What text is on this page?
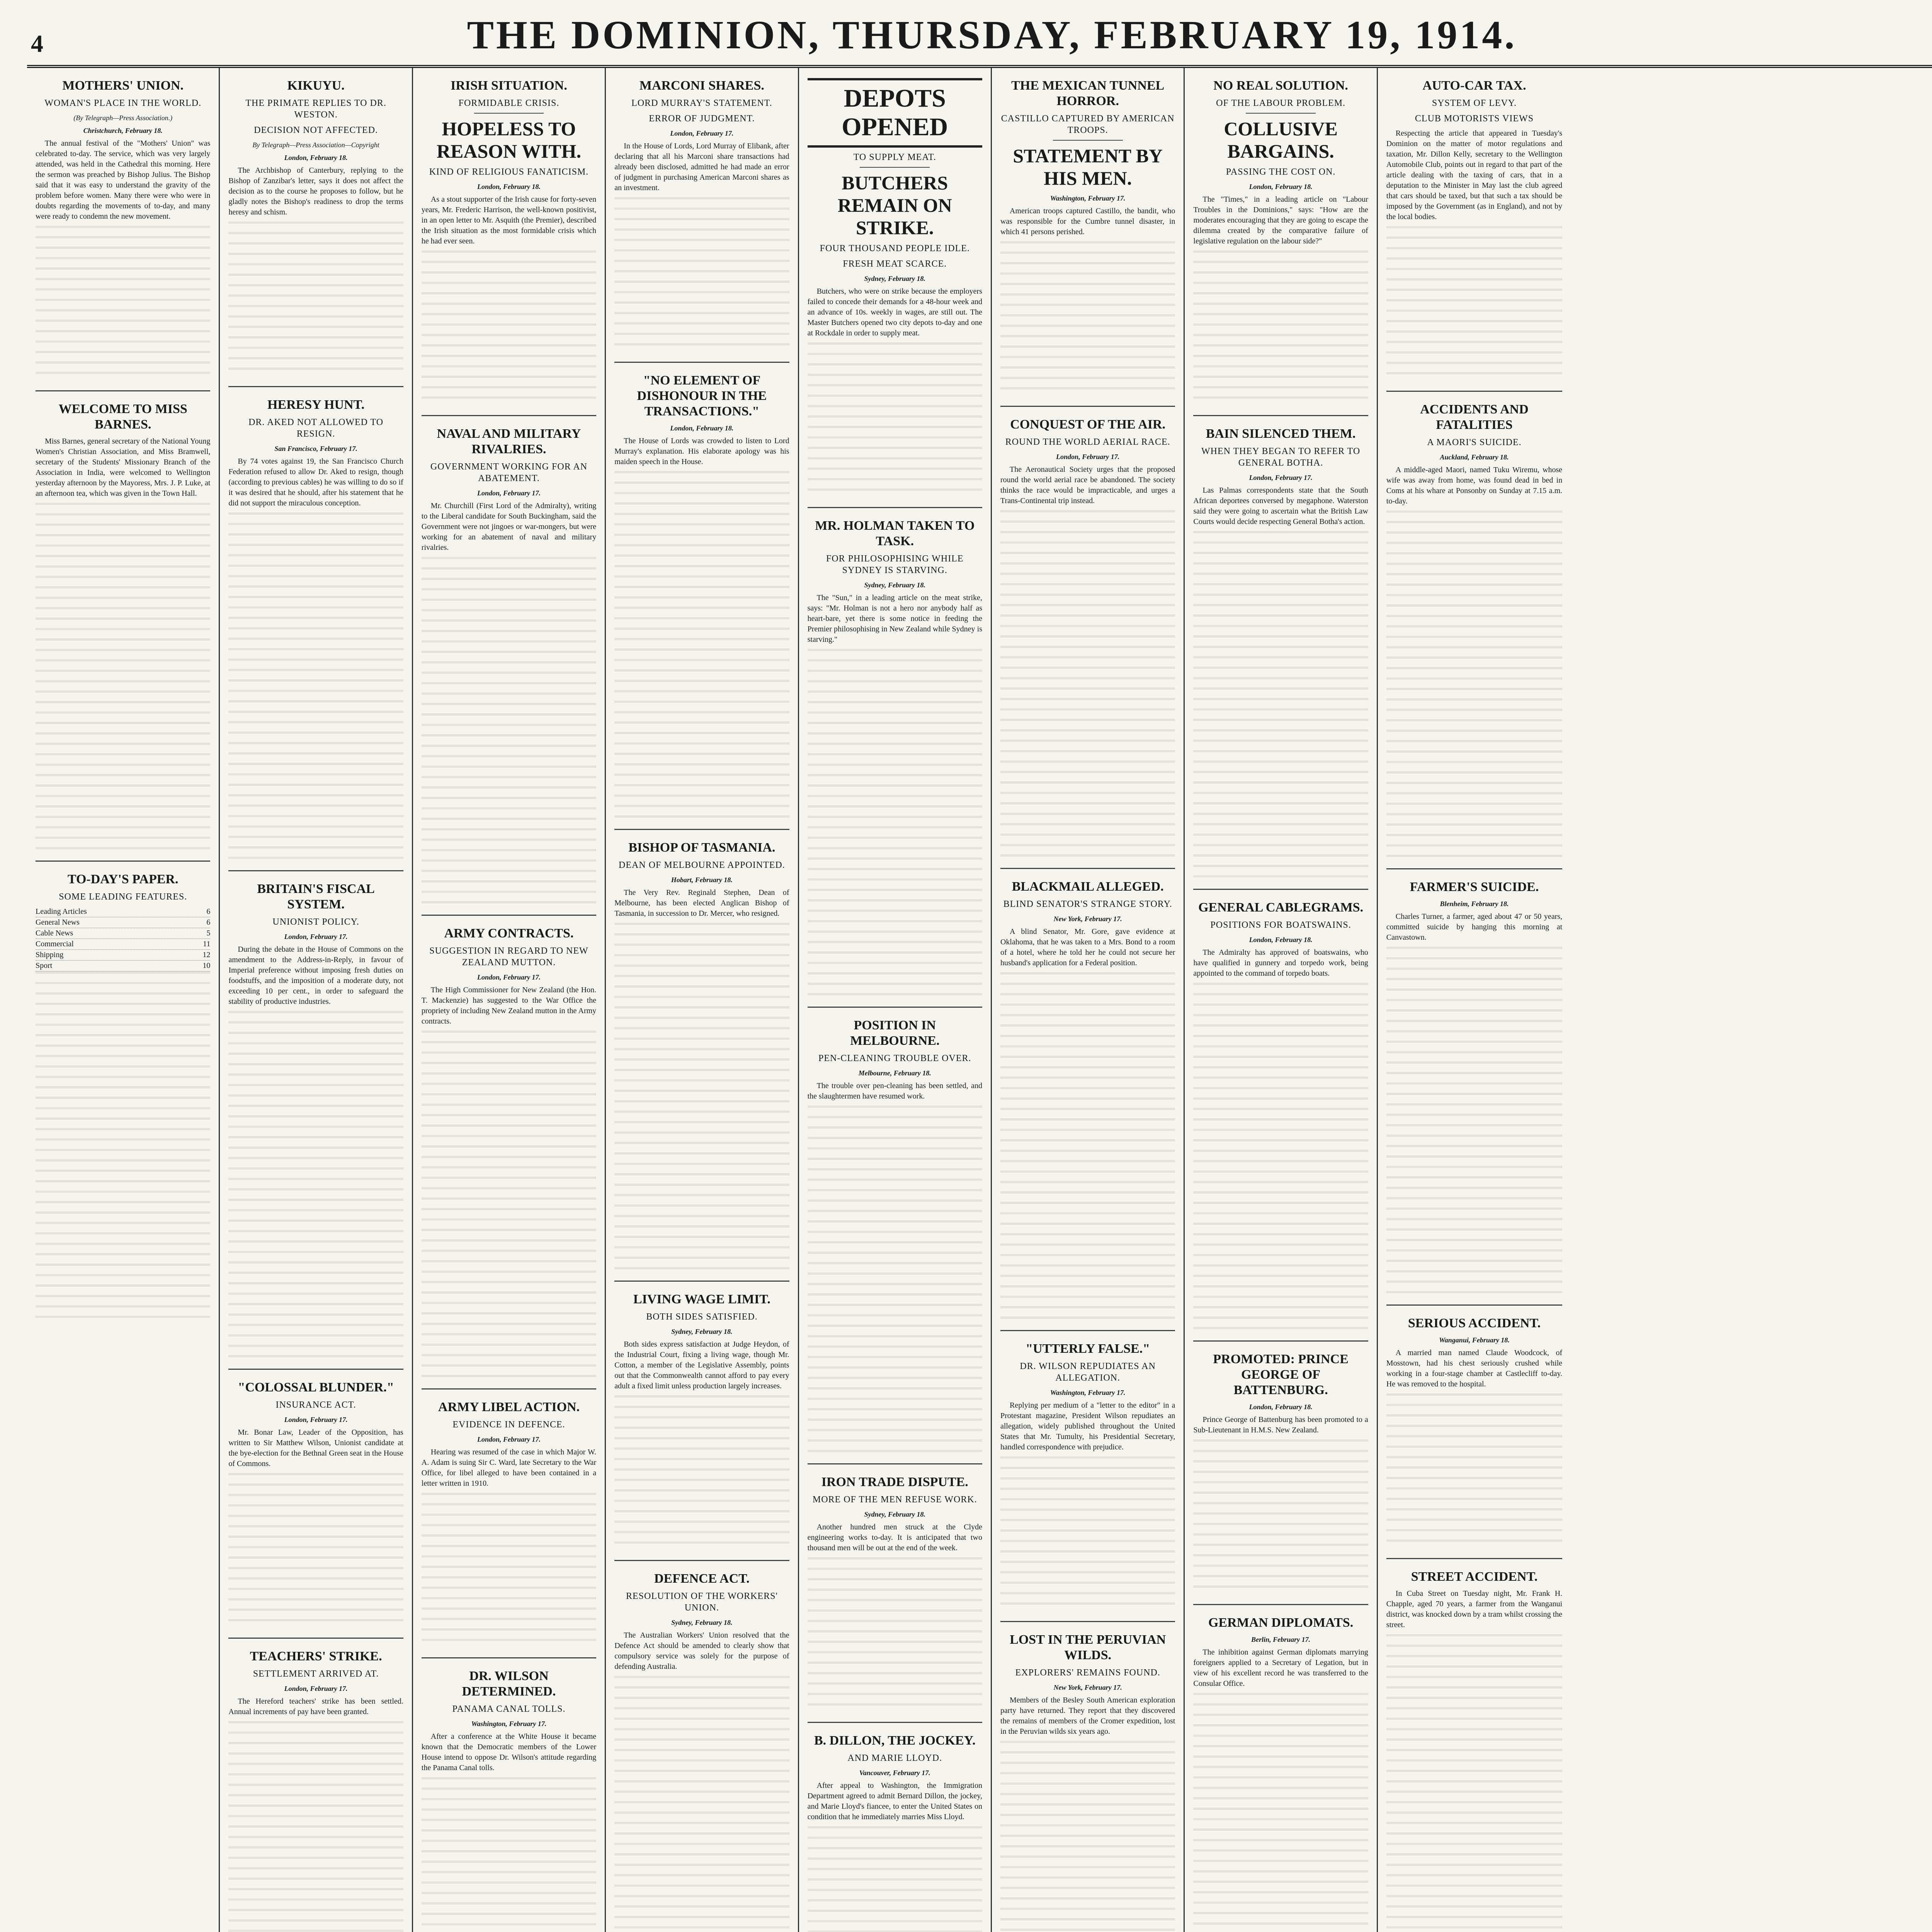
4	THE DOMINION, THURSDAY, FEBRUARY 19, 1914.
MOTHERS' UNION.
WOMAN'S PLACE IN THE WORLD.
(By Telegraph—Press Association.)
Christchurch, February 18.

The annual festival of the "Mothers' Union" was celebrated to-day. The service, which was very largely attended, was held in the Cathedral this morning. Here the sermon was preached by Bishop Julius. The Bishop said that it was easy to understand the gravity of the problem before women. Many there were who were in doubts regarding the movements of to-day, and many were ready to condemn the new movement.

WELCOME TO MISS BARNES.

Miss Barnes, general secretary of the National Young Women's Christian Association, and Miss Bramwell, secretary of the Students' Missionary Branch of the Association in India, were welcomed to Wellington yesterday afternoon by the Mayoress, Mrs. J. P. Luke, at an afternoon tea, which was given in the Town Hall.

TO-DAY'S PAPER.
SOME LEADING FEATURES.
Leading Articles	6
General News	6
Cable News	5
Commercial	11
Shipping	12
Sport	10
KIKUYU.
THE PRIMATE REPLIES TO DR. WESTON.
DECISION NOT AFFECTED.
By Telegraph—Press Association—Copyright
London, February 18.

The Archbishop of Canterbury, replying to the Bishop of Zanzibar's letter, says it does not affect the decision as to the course he proposes to follow, but he gladly notes the Bishop's readiness to drop the terms heresy and schism.

HERESY HUNT.
DR. AKED NOT ALLOWED TO RESIGN.
San Francisco, February 17.

By 74 votes against 19, the San Francisco Church Federation refused to allow Dr. Aked to resign, though (according to previous cables) he was willing to do so if it was desired that he should, after his statement that he did not support the miraculous conception.

BRITAIN'S FISCAL SYSTEM.
UNIONIST POLICY.
London, February 17.

During the debate in the House of Commons on the amendment to the Address-in-Reply, in favour of Imperial preference without imposing fresh duties on foodstuffs, and the imposition of a moderate duty, not exceeding 10 per cent., in order to safeguard the stability of productive industries.

"COLOSSAL BLUNDER."
INSURANCE ACT.
London, February 17.

Mr. Bonar Law, Leader of the Opposition, has written to Sir Matthew Wilson, Unionist candidate at the bye-election for the Bethnal Green seat in the House of Commons.

TEACHERS' STRIKE.
SETTLEMENT ARRIVED AT.
London, February 17.

The Hereford teachers' strike has been settled. Annual increments of pay have been granted.

IRISH SITUATION.
FORMIDABLE CRISIS.
HOPELESS TO REASON WITH.
KIND OF RELIGIOUS FANATICISM.
London, February 18.

As a stout supporter of the Irish cause for forty-seven years, Mr. Frederic Harrison, the well-known positivist, in an open letter to Mr. Asquith (the Premier), described the Irish situation as the most formidable crisis which he had ever seen.

NAVAL AND MILITARY RIVALRIES.
GOVERNMENT WORKING FOR AN ABATEMENT.
London, February 17.

Mr. Churchill (First Lord of the Admiralty), writing to the Liberal candidate for South Buckingham, said the Government were not jingoes or war-mongers, but were working for an abatement of naval and military rivalries.

ARMY CONTRACTS.
SUGGESTION IN REGARD TO NEW ZEALAND MUTTON.
London, February 17.

The High Commissioner for New Zealand (the Hon. T. Mackenzie) has suggested to the War Office the propriety of including New Zealand mutton in the Army contracts.

ARMY LIBEL ACTION.
EVIDENCE IN DEFENCE.
London, February 17.

Hearing was resumed of the case in which Major W. A. Adam is suing Sir C. Ward, late Secretary to the War Office, for libel alleged to have been contained in a letter written in 1910.

DR. WILSON DETERMINED.
PANAMA CANAL TOLLS.
Washington, February 17.

After a conference at the White House it became known that the Democratic members of the Lower House intend to oppose Dr. Wilson's attitude regarding the Panama Canal tolls.

MARCONI SHARES.
LORD MURRAY'S STATEMENT.
ERROR OF JUDGMENT.
London, February 17.

In the House of Lords, Lord Murray of Elibank, after declaring that all his Marconi share transactions had already been disclosed, admitted he had made an error of judgment in purchasing American Marconi shares as an investment.

"NO ELEMENT OF DISHONOUR IN THE TRANSACTIONS."
London, February 18.

The House of Lords was crowded to listen to Lord Murray's explanation. His elaborate apology was his maiden speech in the House.

BISHOP OF TASMANIA.
DEAN OF MELBOURNE APPOINTED.
Hobart, February 18.

The Very Rev. Reginald Stephen, Dean of Melbourne, has been elected Anglican Bishop of Tasmania, in succession to Dr. Mercer, who resigned.

LIVING WAGE LIMIT.
BOTH SIDES SATISFIED.
Sydney, February 18.

Both sides express satisfaction at Judge Heydon, of the Industrial Court, fixing a living wage, though Mr. Cotton, a member of the Legislative Assembly, points out that the Commonwealth cannot afford to pay every adult a fixed limit unless production largely increases.

DEFENCE ACT.
RESOLUTION OF THE WORKERS' UNION.
Sydney, February 18.

The Australian Workers' Union resolved that the Defence Act should be amended to clearly show that compulsory service was solely for the purpose of defending Australia.

DEPOTS OPENED
TO SUPPLY MEAT.
BUTCHERS REMAIN ON STRIKE.
FOUR THOUSAND PEOPLE IDLE.
FRESH MEAT SCARCE.
Sydney, February 18.

Butchers, who were on strike because the employers failed to concede their demands for a 48-hour week and an advance of 10s. weekly in wages, are still out. The Master Butchers opened two city depots to-day and one at Rockdale in order to supply meat.

MR. HOLMAN TAKEN TO TASK.
FOR PHILOSOPHISING WHILE SYDNEY IS STARVING.
Sydney, February 18.

The "Sun," in a leading article on the meat strike, says: "Mr. Holman is not a hero nor anybody half as heart-bare, yet there is some notice in feeding the Premier philosophising in New Zealand while Sydney is starving."

POSITION IN MELBOURNE.
PEN-CLEANING TROUBLE OVER.
Melbourne, February 18.

The trouble over pen-cleaning has been settled, and the slaughtermen have resumed work.

IRON TRADE DISPUTE.
MORE OF THE MEN REFUSE WORK.
Sydney, February 18.

Another hundred men struck at the Clyde engineering works to-day. It is anticipated that two thousand men will be out at the end of the week.

B. DILLON, THE JOCKEY.
AND MARIE LLOYD.
Vancouver, February 17.

After appeal to Washington, the Immigration Department agreed to admit Bernard Dillon, the jockey, and Marie Lloyd's fiancee, to enter the United States on condition that he immediately marries Miss Lloyd.

THE MEXICAN TUNNEL HORROR.
CASTILLO CAPTURED BY AMERICAN TROOPS.
STATEMENT BY HIS MEN.
Washington, February 17.

American troops captured Castillo, the bandit, who was responsible for the Cumbre tunnel disaster, in which 41 persons perished.

CONQUEST OF THE AIR.
ROUND THE WORLD AERIAL RACE.
London, February 17.

The Aeronautical Society urges that the proposed round the world aerial race be abandoned. The society thinks the race would be impracticable, and urges a Trans-Continental trip instead.

BLACKMAIL ALLEGED.
BLIND SENATOR'S STRANGE STORY.
New York, February 17.

A blind Senator, Mr. Gore, gave evidence at Oklahoma, that he was taken to a Mrs. Bond to a room of a hotel, where he told her he could not secure her husband's application for a Federal position.

"UTTERLY FALSE."
DR. WILSON REPUDIATES AN ALLEGATION.
Washington, February 17.

Replying per medium of a "letter to the editor" in a Protestant magazine, President Wilson repudiates an allegation, widely published throughout the United States that Mr. Tumulty, his Presidential Secretary, handled correspondence with prejudice.

LOST IN THE PERUVIAN WILDS.
EXPLORERS' REMAINS FOUND.
New York, February 17.

Members of the Besley South American exploration party have returned. They report that they discovered the remains of members of the Cromer expedition, lost in the Peruvian wilds six years ago.

NO REAL SOLUTION.
OF THE LABOUR PROBLEM.
COLLUSIVE BARGAINS.
PASSING THE COST ON.
London, February 18.

The "Times," in a leading article on "Labour Troubles in the Dominions," says: "How are the moderates encouraging that they are going to escape the dilemma created by the comparative failure of legislative regulation on the labour side?"

BAIN SILENCED THEM.
WHEN THEY BEGAN TO REFER TO GENERAL BOTHA.
London, February 17.

Las Palmas correspondents state that the South African deportees conversed by megaphone. Waterston said they were going to ascertain what the British Law Courts would decide respecting General Botha's action.

GENERAL CABLEGRAMS.
POSITIONS FOR BOATSWAINS.
London, February 18.

The Admiralty has approved of boatswains, who have qualified in gunnery and torpedo work, being appointed to the command of torpedo boats.

PROMOTED: PRINCE GEORGE OF BATTENBURG.
London, February 18.

Prince George of Battenburg has been promoted to a Sub-Lieutenant in H.M.S. New Zealand.

GERMAN DIPLOMATS.
Berlin, February 17.

The inhibition against German diplomats marrying foreigners applied to a Secretary of Legation, but in view of his excellent record he was transferred to the Consular Office.

AUTO-CAR TAX.
SYSTEM OF LEVY.
CLUB MOTORISTS VIEWS

Respecting the article that appeared in Tuesday's Dominion on the matter of motor regulations and taxation, Mr. Dillon Kelly, secretary to the Wellington Automobile Club, points out in regard to that part of the article dealing with the taxing of cars, that in a deputation to the Minister in May last the club agreed that cars should be taxed, but that such a tax should be imposed by the Government (as in England), and not by the local bodies.

ACCIDENTS AND FATALITIES
A MAORI'S SUICIDE.
Auckland, February 18.

A middle-aged Maori, named Tuku Wiremu, whose wife was away from home, was found dead in bed in Coms at his whare at Ponsonby on Sunday at 7.15 a.m. to-day.

FARMER'S SUICIDE.
Blenheim, February 18.

Charles Turner, a farmer, aged about 47 or 50 years, committed suicide by hanging this morning at Canvastown.

SERIOUS ACCIDENT.
Wanganui, February 18.

A married man named Claude Woodcock, of Mosstown, had his chest seriously crushed while working in a four-stage chamber at Castlecliff to-day. He was removed to the hospital.

STREET ACCIDENT.

In Cuba Street on Tuesday night, Mr. Frank H. Chapple, aged 70 years, a farmer from the Wanganui district, was knocked down by a tram whilst crossing the street.
